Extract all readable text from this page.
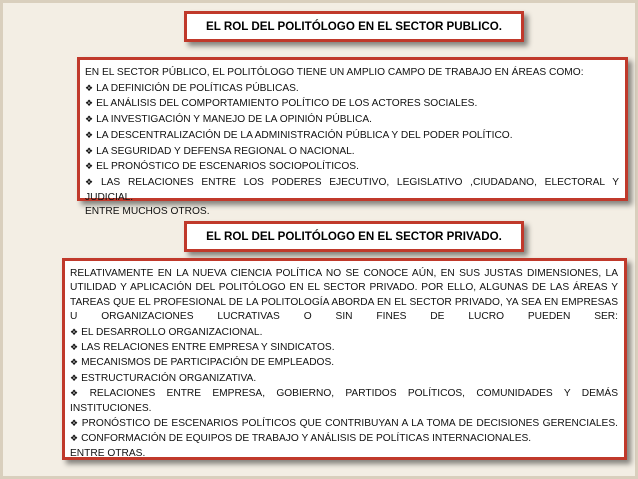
EL ROL DEL POLITÓLOGO EN EL SECTOR PUBLICO.

EN EL SECTOR PÚBLICO, EL POLITÓLOGO TIENE UN AMPLIO CAMPO DE TRABAJO EN ÁREAS COMO:

❖ LA DEFINICIÓN DE POLÍTICAS PÚBLICAS.

❖ EL ANÁLISIS DEL COMPORTAMIENTO POLÍTICO DE LOS ACTORES SOCIALES.

❖ LA INVESTIGACIÓN Y MANEJO DE LA OPINIÓN PÚBLICA.

❖ LA DESCENTRALIZACIÓN DE LA ADMINISTRACIÓN PÚBLICA Y DEL PODER POLÍTICO.

❖ LA SEGURIDAD Y DEFENSA REGIONAL O NACIONAL.

❖ EL PRONÓSTICO DE ESCENARIOS SOCIOPOLÍTICOS.

❖ LAS RELACIONES ENTRE LOS PODERES EJECUTIVO, LEGISLATIVO ,CIUDADANO, ELECTORAL Y JUDICIAL.

ENTRE MUCHOS OTROS.

EL ROL DEL POLITÓLOGO EN EL SECTOR PRIVADO.

RELATIVAMENTE EN LA NUEVA CIENCIA POLÍTICA NO SE CONOCE AÚN, EN SUS JUSTAS DIMENSIONES, LA UTILIDAD Y APLICACIÓN DEL POLITÓLOGO EN EL SECTOR PRIVADO. POR ELLO, ALGUNAS DE LAS ÁREAS Y TAREAS QUE EL PROFESIONAL DE LA POLITOLOGÍA ABORDA EN EL SECTOR PRIVADO, YA SEA EN EMPRESAS U ORGANIZACIONES LUCRATIVAS O SIN FINES DE LUCRO PUEDEN SER:

❖ EL DESARROLLO ORGANIZACIONAL.

❖ LAS RELACIONES ENTRE EMPRESA Y SINDICATOS.

❖ MECANISMOS DE PARTICIPACIÓN DE EMPLEADOS.

❖ ESTRUCTURACIÓN ORGANIZATIVA.

❖ RELACIONES ENTRE EMPRESA, GOBIERNO, PARTIDOS POLÍTICOS, COMUNIDADES Y DEMÁS INSTITUCIONES.

❖ PRONÓSTICO DE ESCENARIOS POLÍTICOS QUE CONTRIBUYAN A LA TOMA DE DECISIONES GERENCIALES.

❖ CONFORMACIÓN DE EQUIPOS DE TRABAJO Y ANÁLISIS DE POLÍTICAS INTERNACIONALES.

ENTRE OTRAS.
